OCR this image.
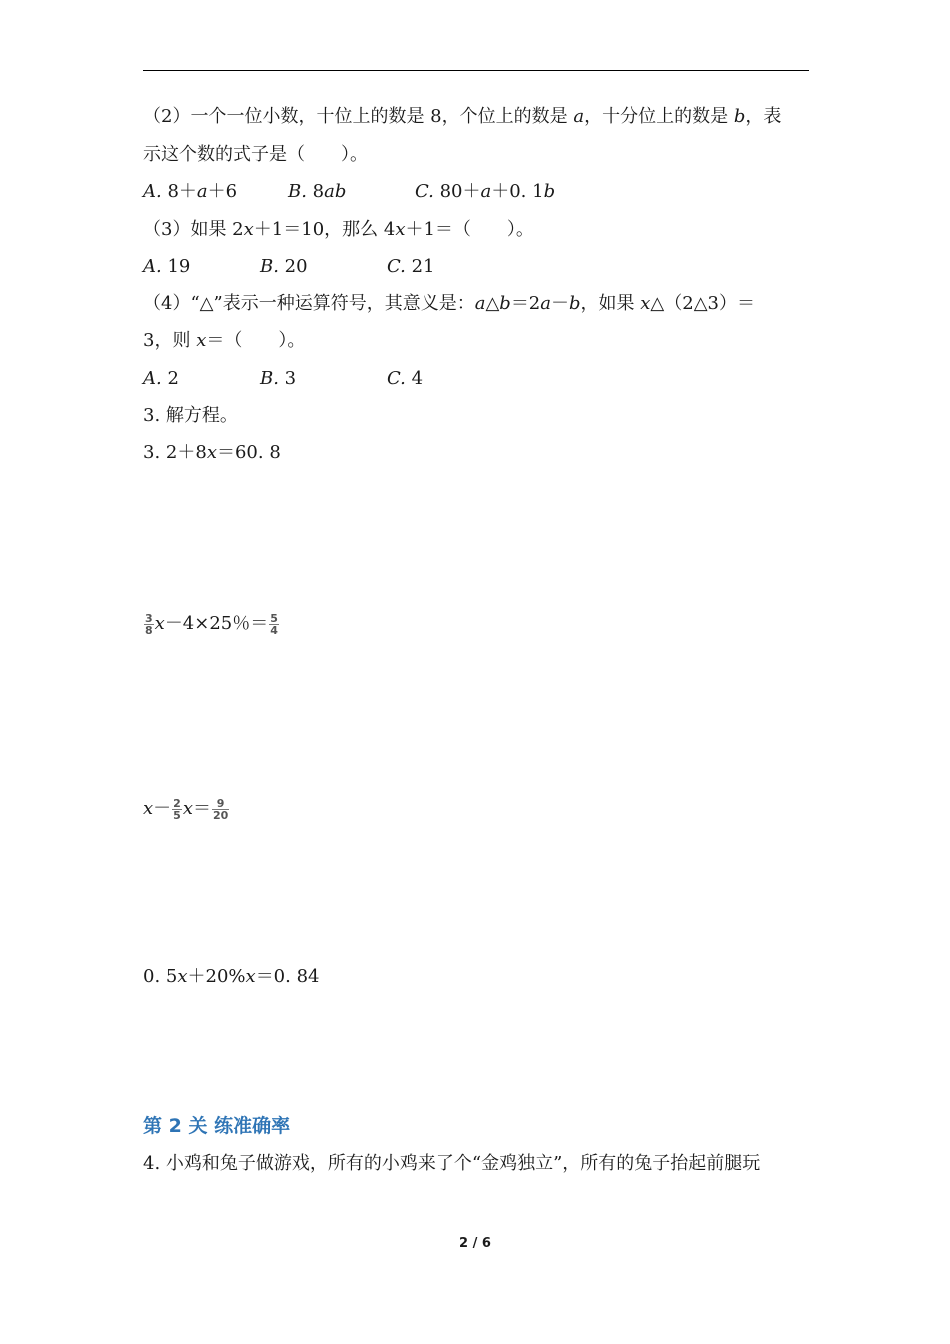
（2）一个一位小数，十位上的数是 8，个位上的数是 a，十分位上的数是 b，表
示这个数的式子是（　　）。
A. 8＋a＋6	B. 8ab	C. 80＋a＋0. 1b
（3）如果 2x＋1＝10，那么 4x＋1＝（　　）。
A. 19	B. 20	C. 21
（4）“△”表示一种运算符号，其意义是：a△b＝2a－b，如果 x△（2△3）＝
3，则 x＝（　　）。
A. 2	B. 3	C. 4
3. 解方程。
3. 2＋8x＝60. 8
$\frac{3}{8} x-4\times 25$％＝ $\frac{5}{4}$
$x- \frac{2}{5} x= \frac{9}{20}$
0. 5x＋20%x＝0. 84
第 2 关 练准确率
4. 小鸡和兔子做游戏，所有的小鸡来了个“金鸡独立”，所有的兔子抬起前腿玩
2 / 6
